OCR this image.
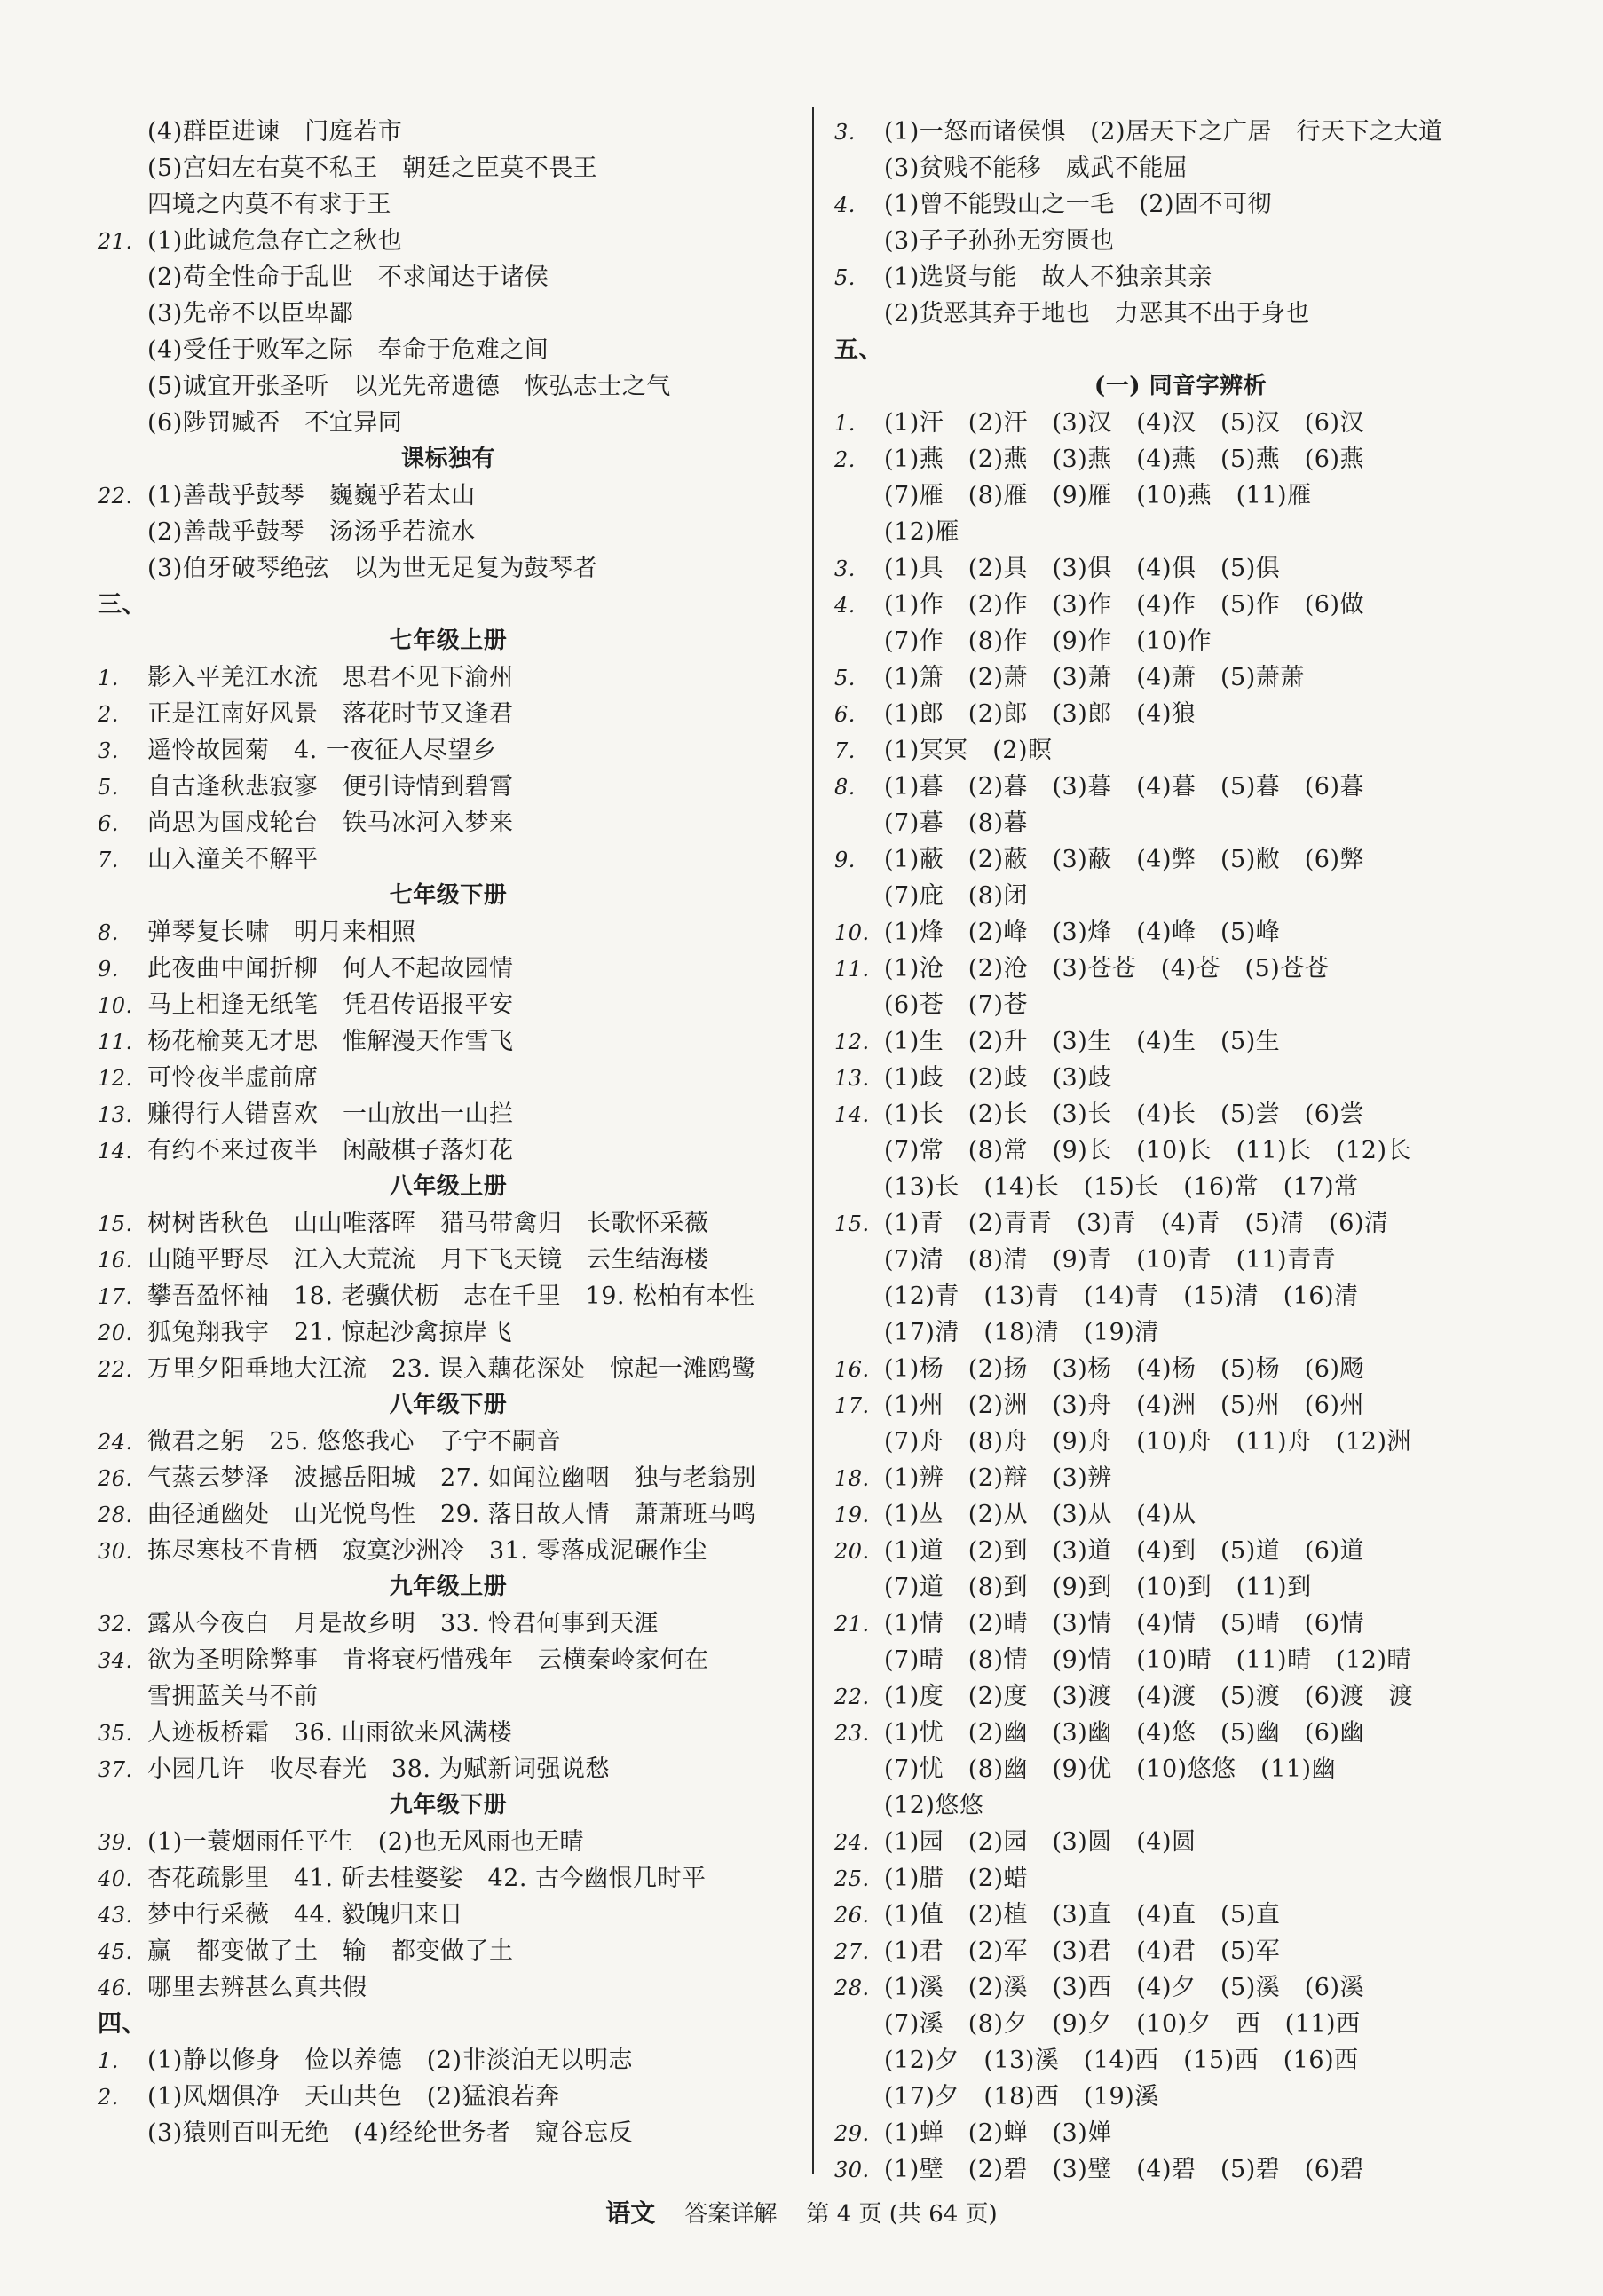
(4)群臣进谏　门庭若市
(5)宫妇左右莫不私王　朝廷之臣莫不畏王
四境之内莫不有求于王
21. (1)此诚危急存亡之秋也
(2)苟全性命于乱世　不求闻达于诸侯
(3)先帝不以臣卑鄙
(4)受任于败军之际　奉命于危难之间
(5)诚宜开张圣听　以光先帝遗德　恢弘志士之气
(6)陟罚臧否　不宜异同
课标独有
22. (1)善哉乎鼓琴　巍巍乎若太山
(2)善哉乎鼓琴　汤汤乎若流水
(3)伯牙破琴绝弦　以为世无足复为鼓琴者
三、
七年级上册
1. 影入平羌江水流　思君不见下渝州
2. 正是江南好风景　落花时节又逢君
3. 遥怜故园菊　4. 一夜征人尽望乡
5. 自古逢秋悲寂寥　便引诗情到碧霄
6. 尚思为国戍轮台　铁马冰河入梦来
7. 山入潼关不解平
七年级下册
8. 弹琴复长啸　明月来相照
9. 此夜曲中闻折柳　何人不起故园情
10. 马上相逢无纸笔　凭君传语报平安
11. 杨花榆荚无才思　惟解漫天作雪飞
12. 可怜夜半虚前席
13. 赚得行人错喜欢　一山放出一山拦
14. 有约不来过夜半　闲敲棋子落灯花
八年级上册
15. 树树皆秋色　山山唯落晖　猎马带禽归　长歌怀采薇
16. 山随平野尽　江入大荒流　月下飞天镜　云生结海楼
17. 攀吾盈怀袖　18. 老骥伏枥　志在千里　19. 松柏有本性
20. 狐兔翔我宇　21. 惊起沙禽掠岸飞
22. 万里夕阳垂地大江流　23. 误入藕花深处　惊起一滩鸥鹭
八年级下册
24. 微君之躬　25. 悠悠我心　子宁不嗣音
26. 气蒸云梦泽　波撼岳阳城　27. 如闻泣幽咽　独与老翁别
28. 曲径通幽处　山光悦鸟性　29. 落日故人情　萧萧班马鸣
30. 拣尽寒枝不肯栖　寂寞沙洲冷　31. 零落成泥碾作尘
九年级上册
32. 露从今夜白　月是故乡明　33. 怜君何事到天涯
34. 欲为圣明除弊事　肯将衰朽惜残年　云横秦岭家何在
雪拥蓝关马不前
35. 人迹板桥霜　36. 山雨欲来风满楼
37. 小园几许　收尽春光　38. 为赋新词强说愁
九年级下册
39. (1)一蓑烟雨任平生　(2)也无风雨也无晴
40. 杏花疏影里　41. 斫去桂婆娑　42. 古今幽恨几时平
43. 梦中行采薇　44. 毅魄归来日
45. 赢　都变做了土　输　都变做了土
46. 哪里去辨甚么真共假
四、
1. (1)静以修身　俭以养德　(2)非淡泊无以明志
2. (1)风烟俱净　天山共色　(2)猛浪若奔
(3)猿则百叫无绝　(4)经纶世务者　窥谷忘反
3. (1)一怒而诸侯惧　(2)居天下之广居　行天下之大道
(3)贫贱不能移　威武不能屈
4. (1)曾不能毁山之一毛　(2)固不可彻
(3)子子孙孙无穷匮也
5. (1)选贤与能　故人不独亲其亲
(2)货恶其弃于地也　力恶其不出于身也
五、
(一) 同音字辨析
1. (1)汗　(2)汗　(3)汉　(4)汉　(5)汉　(6)汉
2. (1)燕　(2)燕　(3)燕　(4)燕　(5)燕　(6)燕
(7)雁　(8)雁　(9)雁　(10)燕　(11)雁
(12)雁
3. (1)具　(2)具　(3)俱　(4)俱　(5)俱
4. (1)作　(2)作　(3)作　(4)作　(5)作　(6)做
(7)作　(8)作　(9)作　(10)作
5. (1)箫　(2)萧　(3)萧　(4)萧　(5)萧萧
6. (1)郎　(2)郎　(3)郎　(4)狼
7. (1)冥冥　(2)瞑
8. (1)暮　(2)暮　(3)暮　(4)暮　(5)暮　(6)暮
(7)暮　(8)暮
9. (1)蔽　(2)蔽　(3)蔽　(4)弊　(5)敝　(6)弊
(7)庇　(8)闭
10. (1)烽　(2)峰　(3)烽　(4)峰　(5)峰
11. (1)沧　(2)沧　(3)苍苍　(4)苍　(5)苍苍
(6)苍　(7)苍
12. (1)生　(2)升　(3)生　(4)生　(5)生
13. (1)歧　(2)歧　(3)歧
14. (1)长　(2)长　(3)长　(4)长　(5)尝　(6)尝
(7)常　(8)常　(9)长　(10)长　(11)长　(12)长
(13)长　(14)长　(15)长　(16)常　(17)常
15. (1)青　(2)青青　(3)青　(4)青　(5)清　(6)清
(7)清　(8)清　(9)青　(10)青　(11)青青
(12)青　(13)青　(14)青　(15)清　(16)清
(17)清　(18)清　(19)清
16. (1)杨　(2)扬　(3)杨　(4)杨　(5)杨　(6)飏
17. (1)州　(2)洲　(3)舟　(4)洲　(5)州　(6)州
(7)舟　(8)舟　(9)舟　(10)舟　(11)舟　(12)洲
18. (1)辨　(2)辩　(3)辨
19. (1)丛　(2)从　(3)从　(4)从
20. (1)道　(2)到　(3)道　(4)到　(5)道　(6)道
(7)道　(8)到　(9)到　(10)到　(11)到
21. (1)情　(2)晴　(3)情　(4)情　(5)晴　(6)情
(7)晴　(8)情　(9)情　(10)晴　(11)晴　(12)晴
22. (1)度　(2)度　(3)渡　(4)渡　(5)渡　(6)渡　渡
23. (1)忧　(2)幽　(3)幽　(4)悠　(5)幽　(6)幽
(7)忧　(8)幽　(9)优　(10)悠悠　(11)幽
(12)悠悠
24. (1)园　(2)园　(3)圆　(4)圆
25. (1)腊　(2)蜡
26. (1)值　(2)植　(3)直　(4)直　(5)直
27. (1)君　(2)军　(3)君　(4)君　(5)军
28. (1)溪　(2)溪　(3)西　(4)夕　(5)溪　(6)溪
(7)溪　(8)夕　(9)夕　(10)夕　西　(11)西
(12)夕　(13)溪　(14)西　(15)西　(16)西
(17)夕　(18)西　(19)溪
29. (1)蝉　(2)蝉　(3)婵
30. (1)壁　(2)碧　(3)璧　(4)碧　(5)碧　(6)碧
语文 答案详解 第 4 页 (共 64 页)
